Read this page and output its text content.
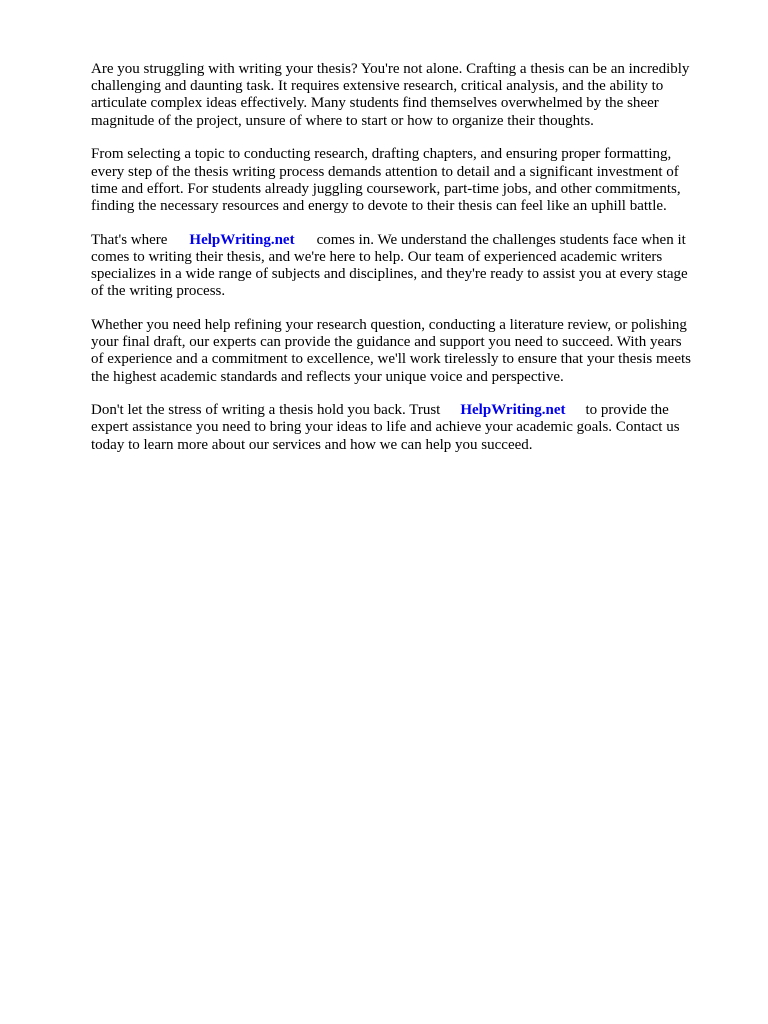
Are you struggling with writing your thesis? You're not alone. Crafting a thesis can be an incredibly
challenging and daunting task. It requires extensive research, critical analysis, and the ability to
articulate complex ideas effectively. Many students find themselves overwhelmed by the sheer
magnitude of the project, unsure of where to start or how to organize their thoughts.

From selecting a topic to conducting research, drafting chapters, and ensuring proper formatting,
every step of the thesis writing process demands attention to detail and a significant investment of
time and effort. For students already juggling coursework, part-time jobs, and other commitments,
finding the necessary resources and energy to devote to their thesis can feel like an uphill battle.

That's where HelpWriting.net comes in. We understand the challenges students face when it
comes to writing their thesis, and we're here to help. Our team of experienced academic writers
specializes in a wide range of subjects and disciplines, and they're ready to assist you at every stage
of the writing process.

Whether you need help refining your research question, conducting a literature review, or polishing
your final draft, our experts can provide the guidance and support you need to succeed. With years
of experience and a commitment to excellence, we'll work tirelessly to ensure that your thesis meets
the highest academic standards and reflects your unique voice and perspective.

Don't let the stress of writing a thesis hold you back. Trust HelpWriting.net to provide the
expert assistance you need to bring your ideas to life and achieve your academic goals. Contact us
today to learn more about our services and how we can help you succeed.
